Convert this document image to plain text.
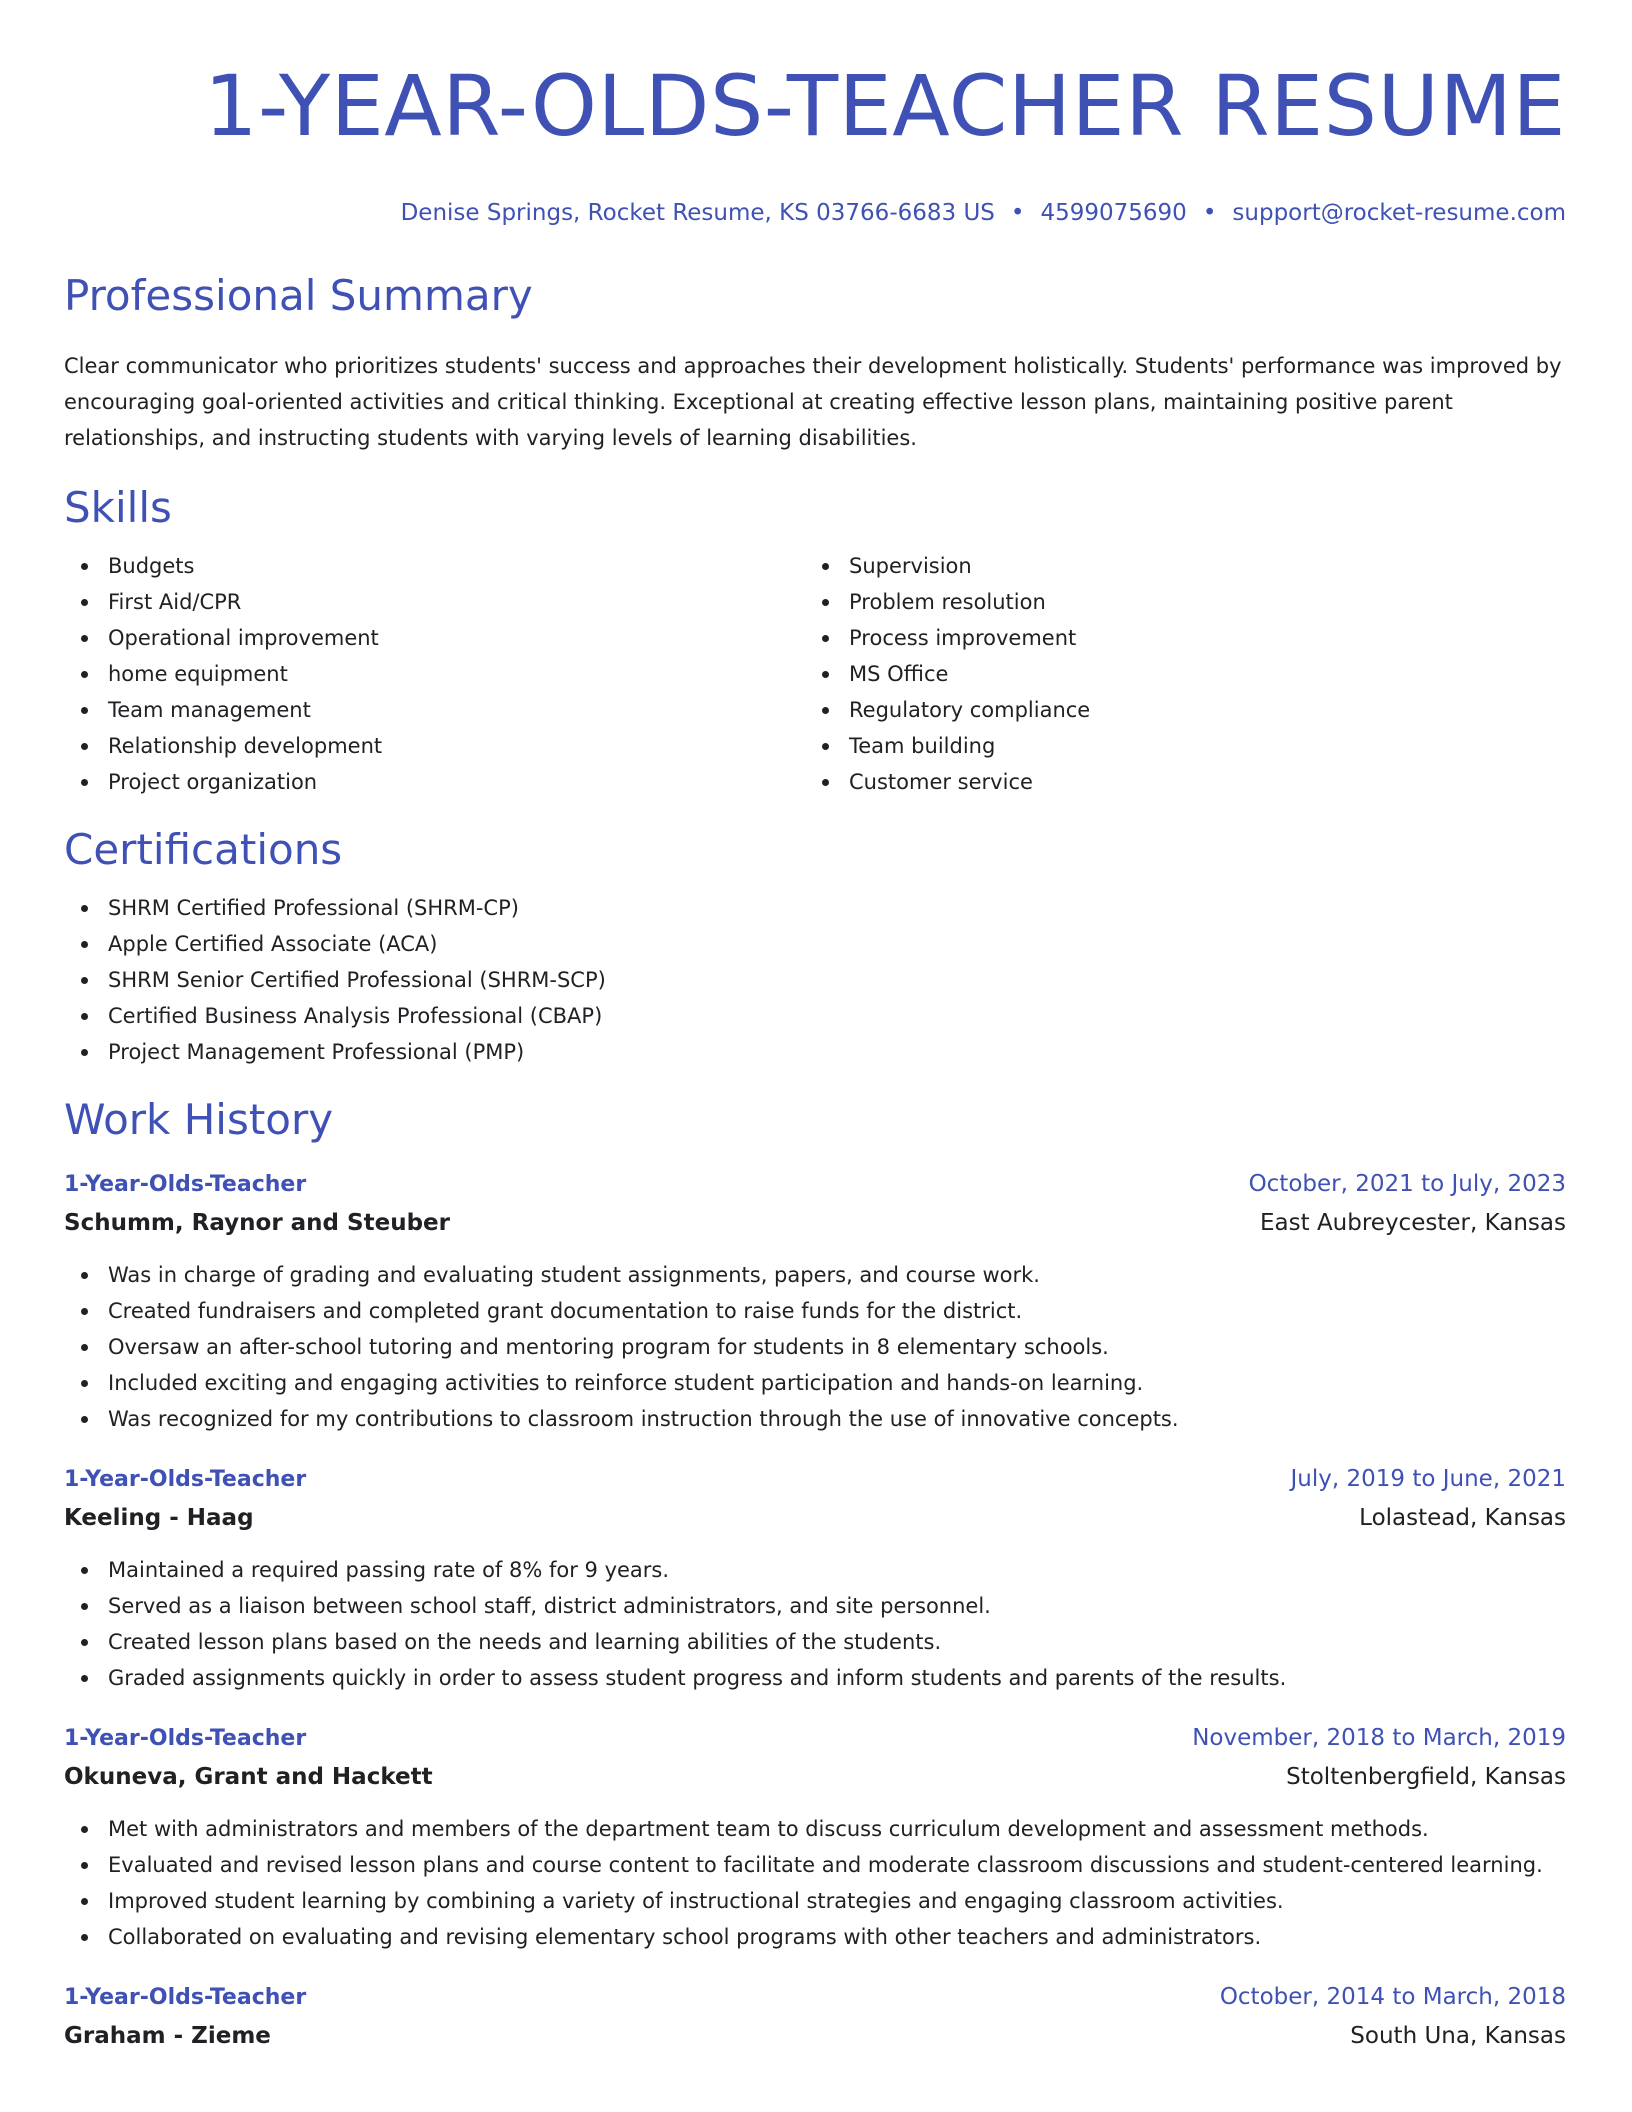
1-YEAR-OLDS-TEACHER RESUME
Denise Springs, Rocket Resume, KS 03766-6683 US • 4599075690 • support@rocket-resume.com
Professional Summary
Clear communicator who prioritizes students' success and approaches their development holistically. Students' performance was improved by encouraging goal-oriented activities and critical thinking. Exceptional at creating effective lesson plans, maintaining positive parent relationships, and instructing students with varying levels of learning disabilities.
Skills
Budgets
First Aid/CPR
Operational improvement
home equipment
Team management
Relationship development
Project organization
Supervision
Problem resolution
Process improvement
MS Office
Regulatory compliance
Team building
Customer service
Certifications
SHRM Certified Professional (SHRM-CP)
Apple Certified Associate (ACA)
SHRM Senior Certified Professional (SHRM-SCP)
Certified Business Analysis Professional (CBAP)
Project Management Professional (PMP)
Work History
1-Year-Olds-Teacher	October, 2021 to July, 2023
Schumm, Raynor and Steuber	East Aubreycester, Kansas
Was in charge of grading and evaluating student assignments, papers, and course work.
Created fundraisers and completed grant documentation to raise funds for the district.
Oversaw an after-school tutoring and mentoring program for students in 8 elementary schools.
Included exciting and engaging activities to reinforce student participation and hands-on learning.
Was recognized for my contributions to classroom instruction through the use of innovative concepts.
1-Year-Olds-Teacher	July, 2019 to June, 2021
Keeling - Haag	Lolastead, Kansas
Maintained a required passing rate of 8% for 9 years.
Served as a liaison between school staff, district administrators, and site personnel.
Created lesson plans based on the needs and learning abilities of the students.
Graded assignments quickly in order to assess student progress and inform students and parents of the results.
1-Year-Olds-Teacher	November, 2018 to March, 2019
Okuneva, Grant and Hackett	Stoltenbergfield, Kansas
Met with administrators and members of the department team to discuss curriculum development and assessment methods.
Evaluated and revised lesson plans and course content to facilitate and moderate classroom discussions and student-centered learning.
Improved student learning by combining a variety of instructional strategies and engaging classroom activities.
Collaborated on evaluating and revising elementary school programs with other teachers and administrators.
1-Year-Olds-Teacher	October, 2014 to March, 2018
Graham - Zieme	South Una, Kansas
